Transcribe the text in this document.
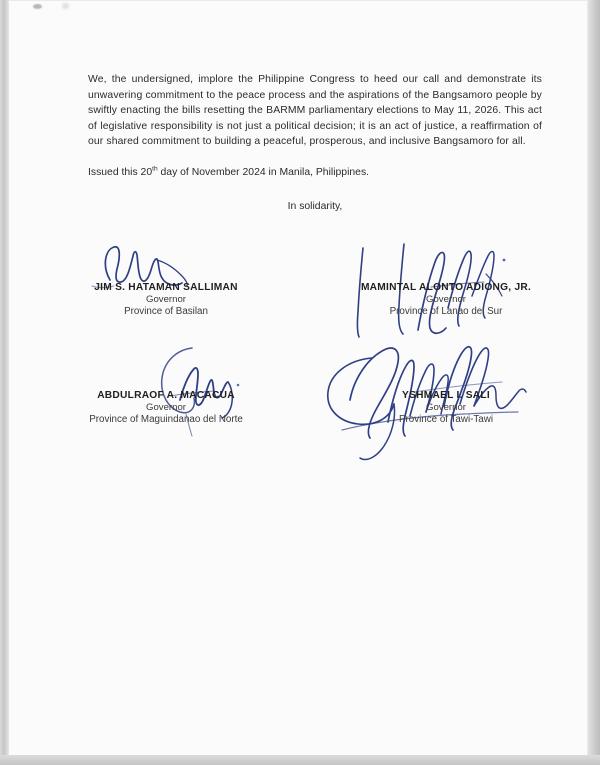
We, the undersigned, implore the Philippine Congress to heed our call and demonstrate its unwavering commitment to the peace process and the aspirations of the Bangsamoro people by swiftly enacting the bills resetting the BARMM parliamentary elections to May 11, 2026. This act of legislative responsibility is not just a political decision; it is an act of justice, a reaffirmation of our shared commitment to building a peaceful, prosperous, and inclusive Bangsamoro for all.

Issued this 20th day of November 2024 in Manila, Philippines.
In solidarity,
JIM S. HATAMAN SALLIMAN
Governor
Province of Basilan
MAMINTAL ALONTO ADIONG, JR.
Governor
Province of Lanao del Sur
ABDULRAOF A. MACACUA
Governor
Province of Maguindanao del Norte
YSHMAEL I. SALI
Governor
Province of Tawi-Tawi
